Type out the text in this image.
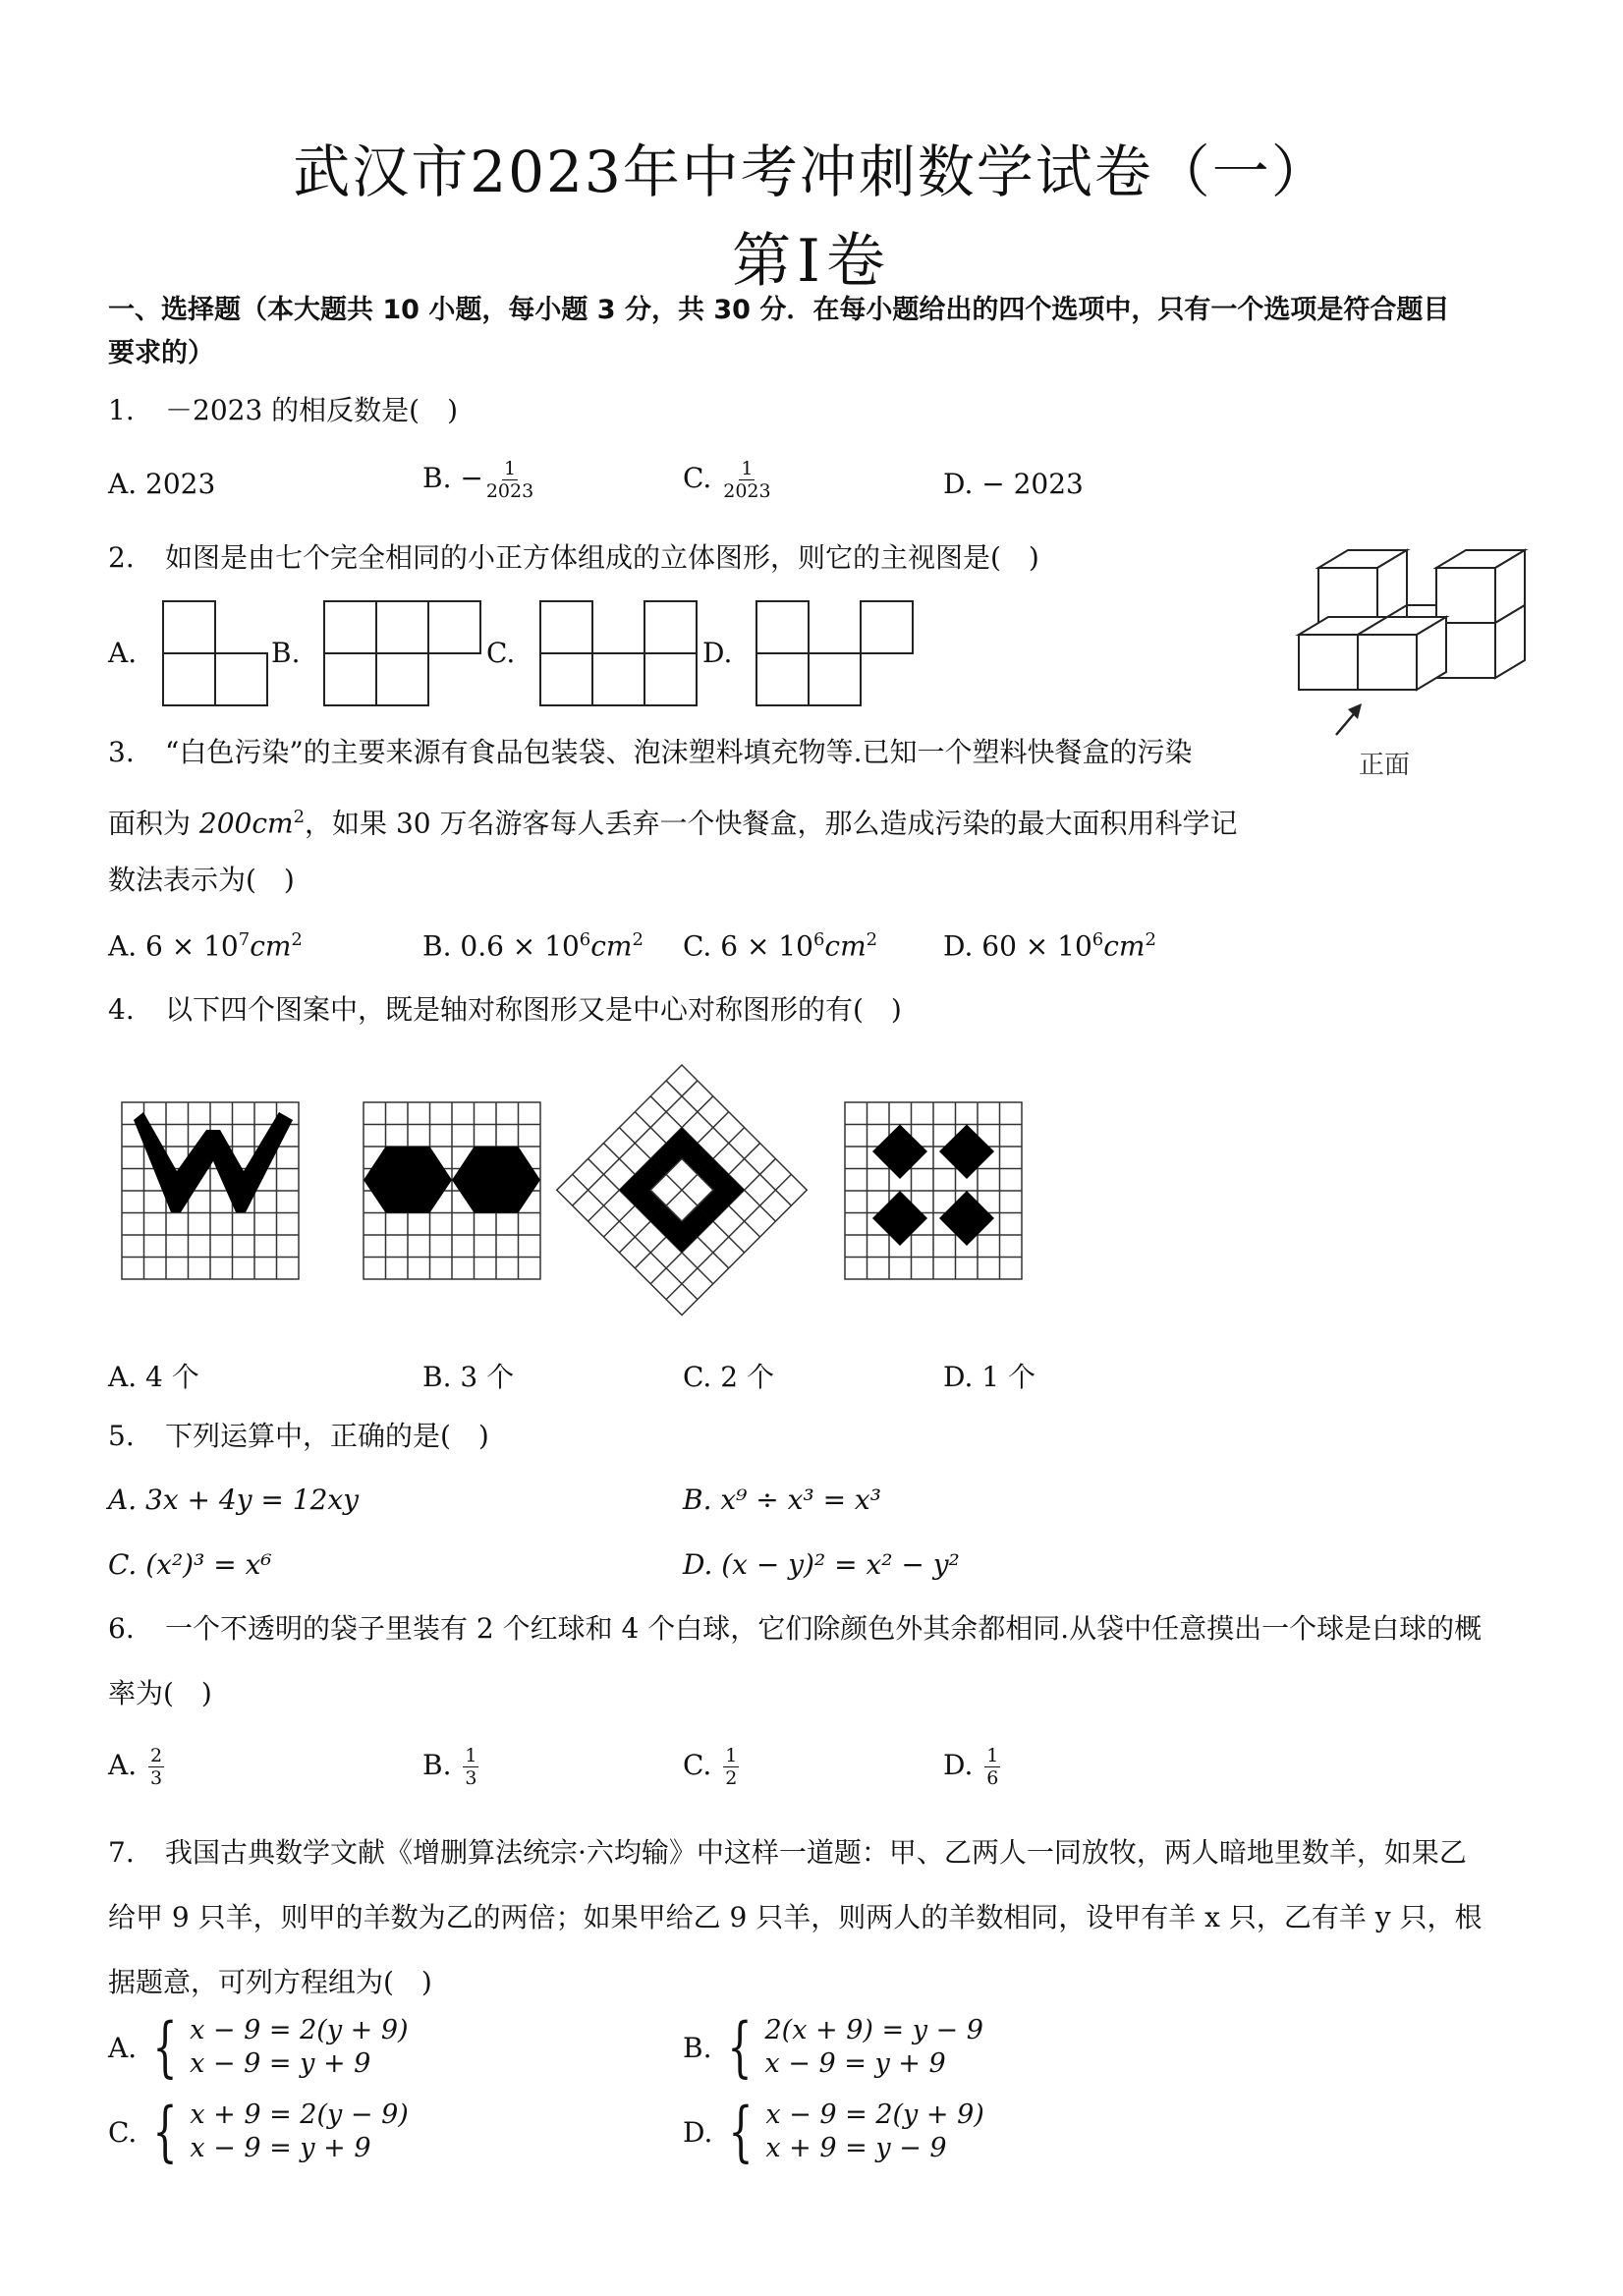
武汉市2023年中考冲刺数学试卷（一）
第Ⅰ卷
一、选择题（本大题共 10 小题，每小题 3 分，共 30 分．在每小题给出的四个选项中，只有一个选项是符合题目
要求的）
1. －2023 的相反数是(　)
A. 2023	B. − $\frac{1}{2023}$	C. $\frac{1}{2023}$	D. − 2023
2. 如图是由七个完全相同的小正方体组成的立体图形，则它的主视图是(　)
正面
A.	B.	C.	D.
3. “白色污染”的主要来源有食品包装袋、泡沫塑料填充物等.已知一个塑料快餐盒的污染
面积为 $200cm^2$，如果 30 万名游客每人丢弃一个快餐盒，那么造成污染的最大面积用科学记
数法表示为(　)
A. $6 \times 10^7cm^2$	B. $0.6 \times 10^6cm^2$ C. $6 \times 10^6cm^2$ D. $60 \times 10^6cm^2$
4. 以下四个图案中，既是轴对称图形又是中心对称图形的有(　)
A. 4 个	B. 3 个	C. 2 个	D. 1 个
5. 下列运算中，正确的是(　)
A. 3x + 4y = 12xy	B. x⁹ ÷ x³ = x³
C. (x²)³ = x⁶	D. (x − y)² = x² − y²
6. 一个不透明的袋子里装有 2 个红球和 4 个白球，它们除颜色外其余都相同.从袋中任意摸出一个球是白球的概
率为(　)
A. $\frac{2}{3}$	B. $\frac{1}{3}$	C. $\frac{1}{2}$	D. $\frac{1}{6}$
7. 我国古典数学文献《增删算法统宗·六均输》中这样一道题：甲、乙两人一同放牧，两人暗地里数羊，如果乙
给甲 9 只羊，则甲的羊数为乙的两倍；如果甲给乙 9 只羊，则两人的羊数相同，设甲有羊 x 只，乙有羊 y 只，根
据题意，可列方程组为(　)
A. { x − 9 = 2(y + 9)
x − 9 = y + 9	B. { 2(x + 9) = y − 9
x − 9 = y + 9
C. { x + 9 = 2(y − 9)
x − 9 = y + 9	D. { x − 9 = 2(y + 9)
x + 9 = y − 9
